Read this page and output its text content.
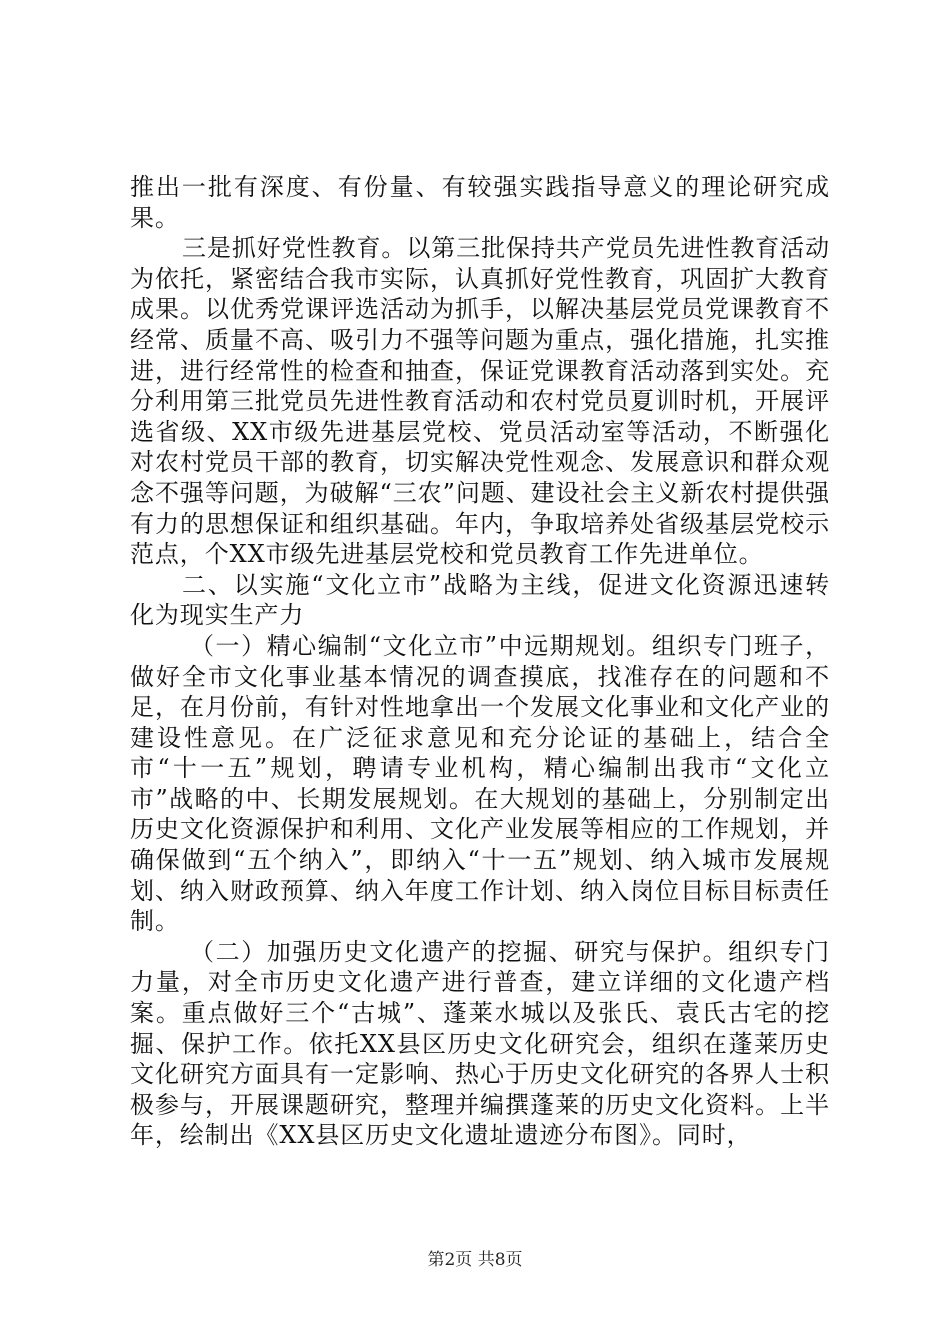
推出一批有深度、有份量、有较强实践指导意义的理论研究成果。

三是抓好党性教育。以第三批保持共产党员先进性教育活动为依托，紧密结合我市实际，认真抓好党性教育，巩固扩大教育成果。以优秀党课评选活动为抓手，以解决基层党员党课教育不经常、质量不高、吸引力不强等问题为重点，强化措施，扎实推进，进行经常性的检查和抽查，保证党课教育活动落到实处。充分利用第三批党员先进性教育活动和农村党员夏训时机，开展评选省级、XX市级先进基层党校、党员活动室等活动，不断强化对农村党员干部的教育，切实解决党性观念、发展意识和群众观念不强等问题，为破解“三农”问题、建设社会主义新农村提供强有力的思想保证和组织基础。年内，争取培养处省级基层党校示范点，个XX市级先进基层党校和党员教育工作先进单位。

二、以实施“文化立市”战略为主线，促进文化资源迅速转化为现实生产力

（一）精心编制“文化立市”中远期规划。组织专门班子，做好全市文化事业基本情况的调查摸底，找准存在的问题和不足，在月份前，有针对性地拿出一个发展文化事业和文化产业的建设性意见。在广泛征求意见和充分论证的基础上，结合全市“十一五”规划，聘请专业机构，精心编制出我市“文化立市”战略的中、长期发展规划。在大规划的基础上，分别制定出历史文化资源保护和利用、文化产业发展等相应的工作规划，并确保做到“五个纳入”，即纳入“十一五”规划、纳入城市发展规划、纳入财政预算、纳入年度工作计划、纳入岗位目标目标责任制。

（二）加强历史文化遗产的挖掘、研究与保护。组织专门力量，对全市历史文化遗产进行普查，建立详细的文化遗产档案。重点做好三个“古城”、蓬莱水城以及张氏、袁氏古宅的挖掘、保护工作。依托XX县区历史文化研究会，组织在蓬莱历史文化研究方面具有一定影响、热心于历史文化研究的各界人士积极参与，开展课题研究，整理并编撰蓬莱的历史文化资料。上半年，绘制出《XX县区历史文化遗址遗迹分布图》。同时，

第2页 共8页
